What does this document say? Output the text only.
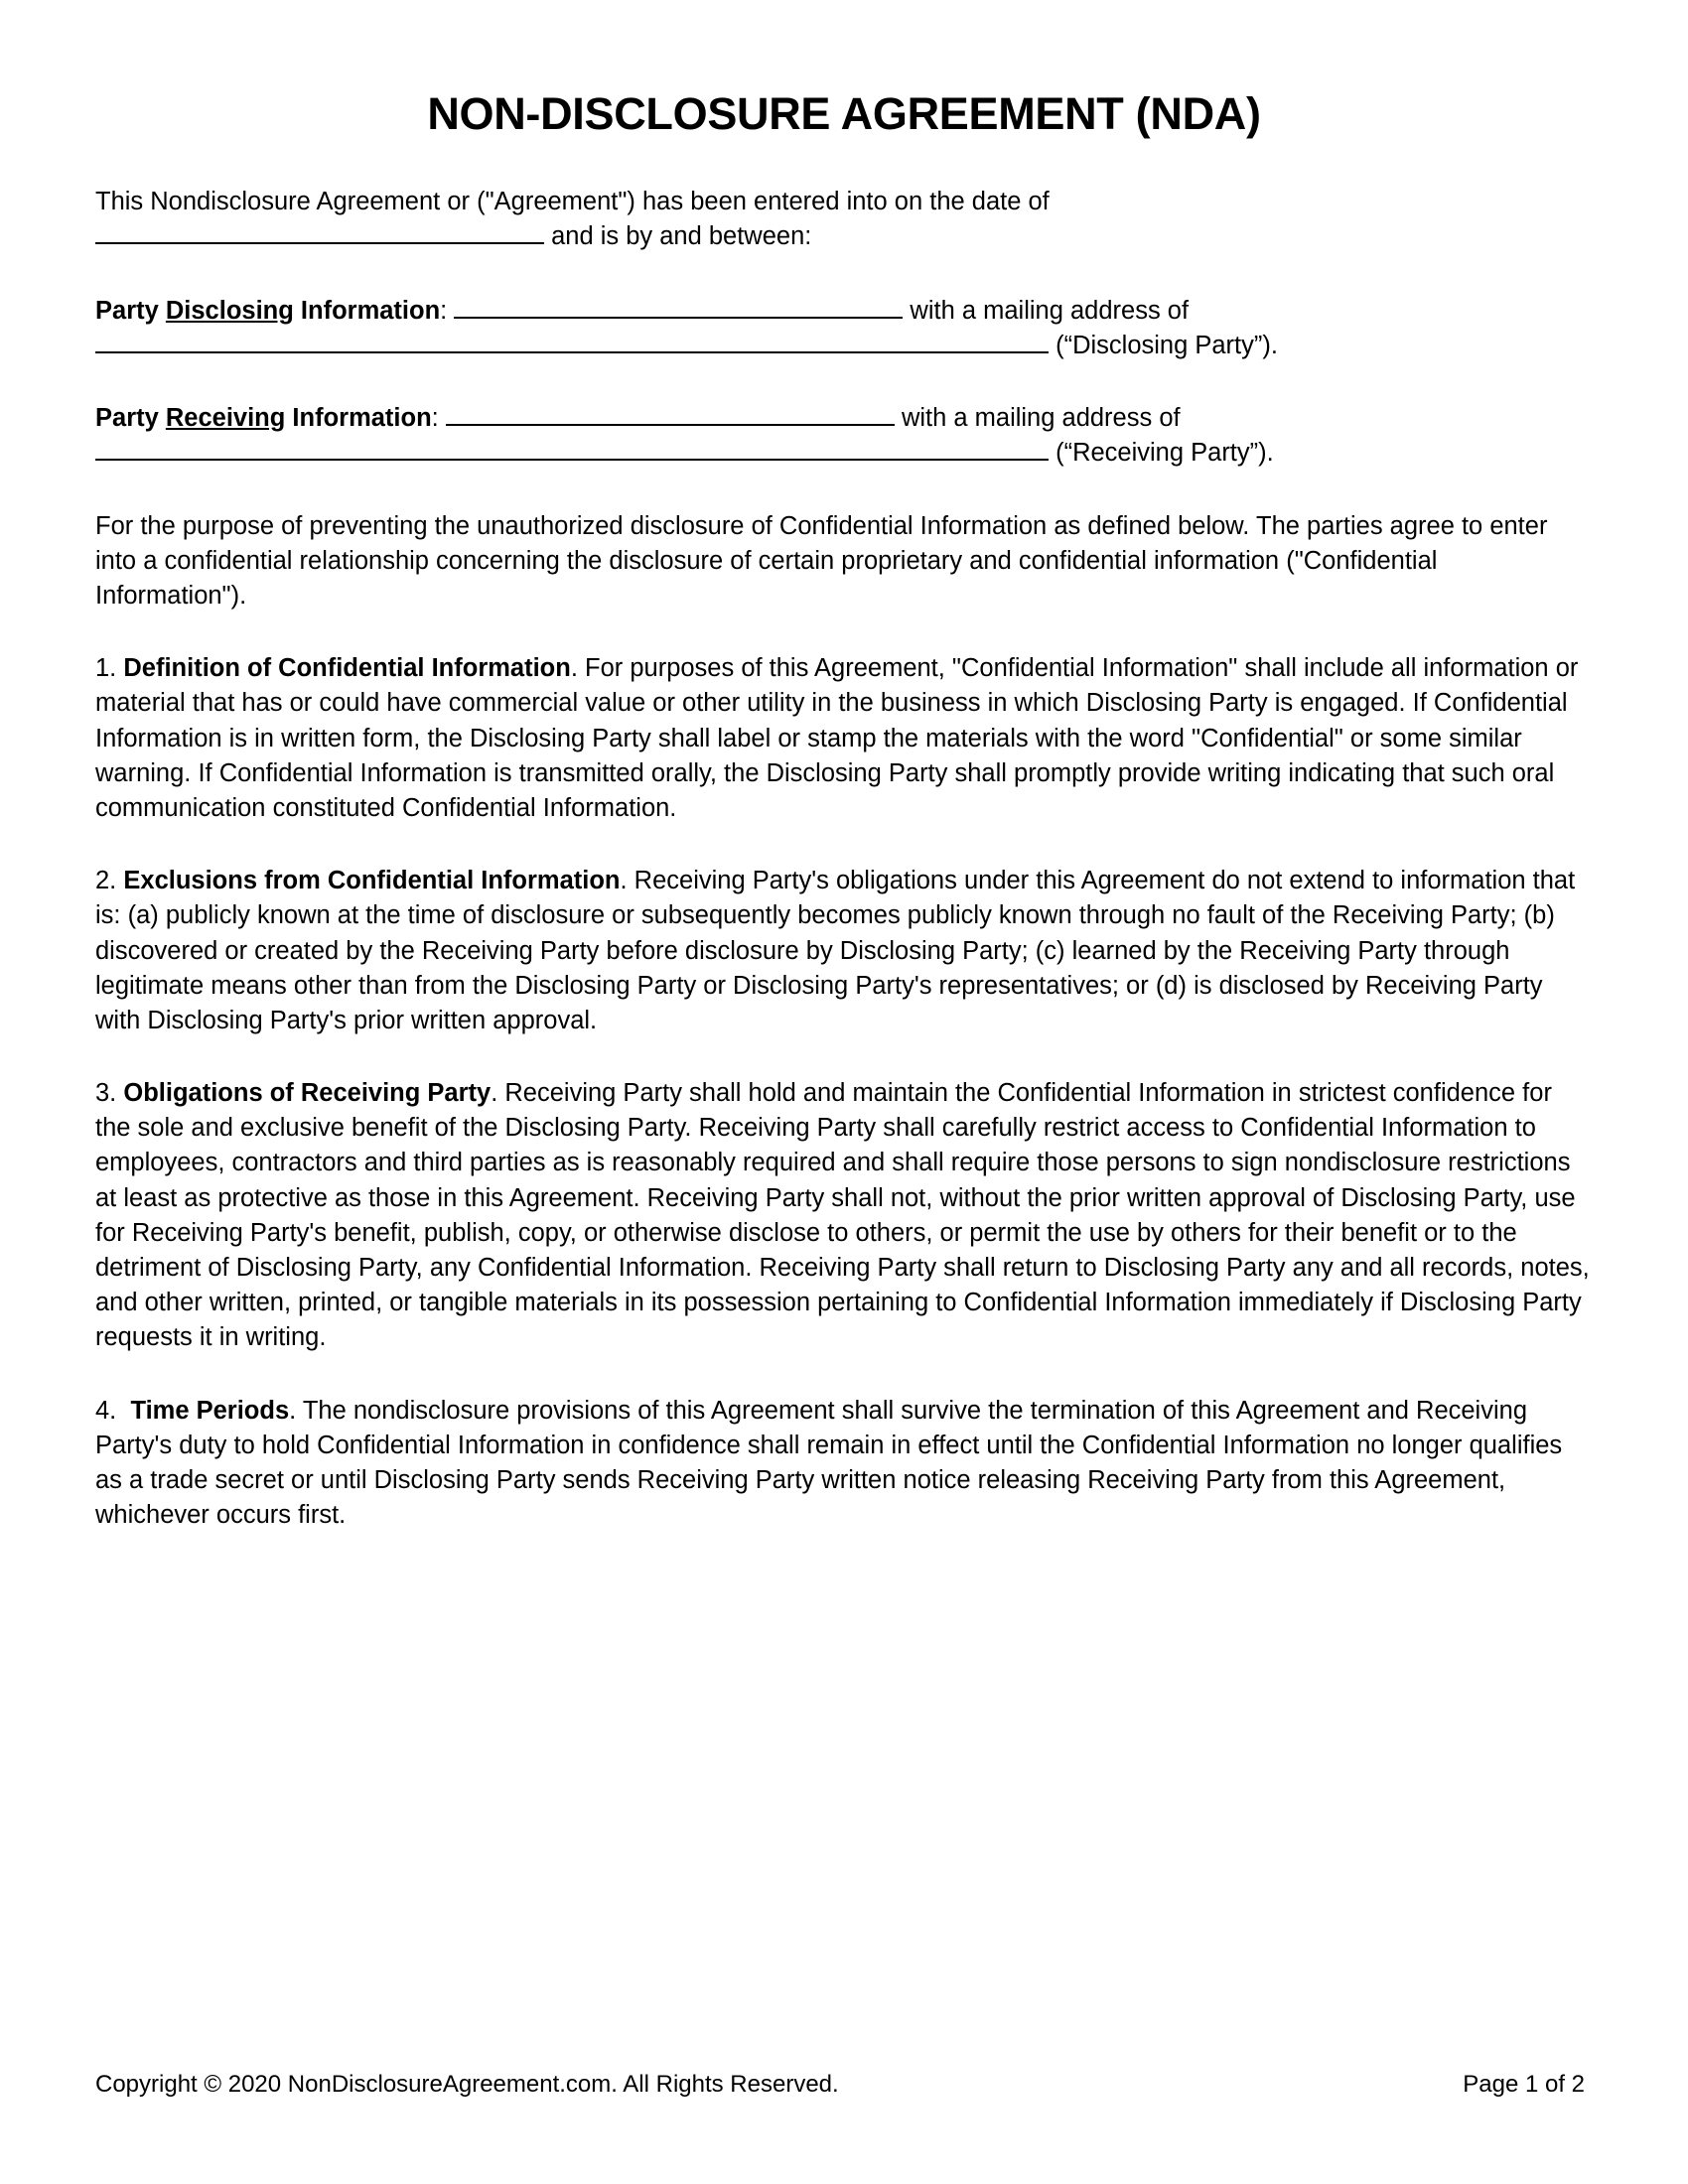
NON-DISCLOSURE AGREEMENT (NDA)

This Nondisclosure Agreement or ("Agreement") has been entered into on the date of
and is by and between:

Party Disclosing Information:	with a mailing address of
(“Disclosing Party”).

Party Receiving Information:	with a mailing address of
(“Receiving Party”).

For the purpose of preventing the unauthorized disclosure of Confidential Information as defined below. The parties agree to enter into a confidential relationship concerning the disclosure of certain proprietary and confidential information ("Confidential Information").

1. Definition of Confidential Information. For purposes of this Agreement, "Confidential Information" shall include all information or material that has or could have commercial value or other utility in the business in which Disclosing Party is engaged. If Confidential Information is in written form, the Disclosing Party shall label or stamp the materials with the word "Confidential" or some similar warning. If Confidential Information is transmitted orally, the Disclosing Party shall promptly provide writing indicating that such oral communication constituted Confidential Information.

2. Exclusions from Confidential Information. Receiving Party's obligations under this Agreement do not extend to information that is: (a) publicly known at the time of disclosure or subsequently becomes publicly known through no fault of the Receiving Party; (b) discovered or created by the Receiving Party before disclosure by Disclosing Party; (c) learned by the Receiving Party through legitimate means other than from the Disclosing Party or Disclosing Party's representatives; or (d) is disclosed by Receiving Party with Disclosing Party's prior written approval.

3. Obligations of Receiving Party. Receiving Party shall hold and maintain the Confidential Information in strictest confidence for the sole and exclusive benefit of the Disclosing Party. Receiving Party shall carefully restrict access to Confidential Information to employees, contractors and third parties as is reasonably required and shall require those persons to sign nondisclosure restrictions at least as protective as those in this Agreement. Receiving Party shall not, without the prior written approval of Disclosing Party, use for Receiving Party's benefit, publish, copy, or otherwise disclose to others, or permit the use by others for their benefit or to the detriment of Disclosing Party, any Confidential Information. Receiving Party shall return to Disclosing Party any and all records, notes, and other written, printed, or tangible materials in its possession pertaining to Confidential Information immediately if Disclosing Party requests it in writing.

4. Time Periods. The nondisclosure provisions of this Agreement shall survive the termination of this Agreement and Receiving Party's duty to hold Confidential Information in confidence shall remain in effect until the Confidential Information no longer qualifies as a trade secret or until Disclosing Party sends Receiving Party written notice releasing Receiving Party from this Agreement, whichever occurs first.

Copyright © 2020 NonDisclosureAgreement.com. All Rights Reserved.	Page 1 of 2
